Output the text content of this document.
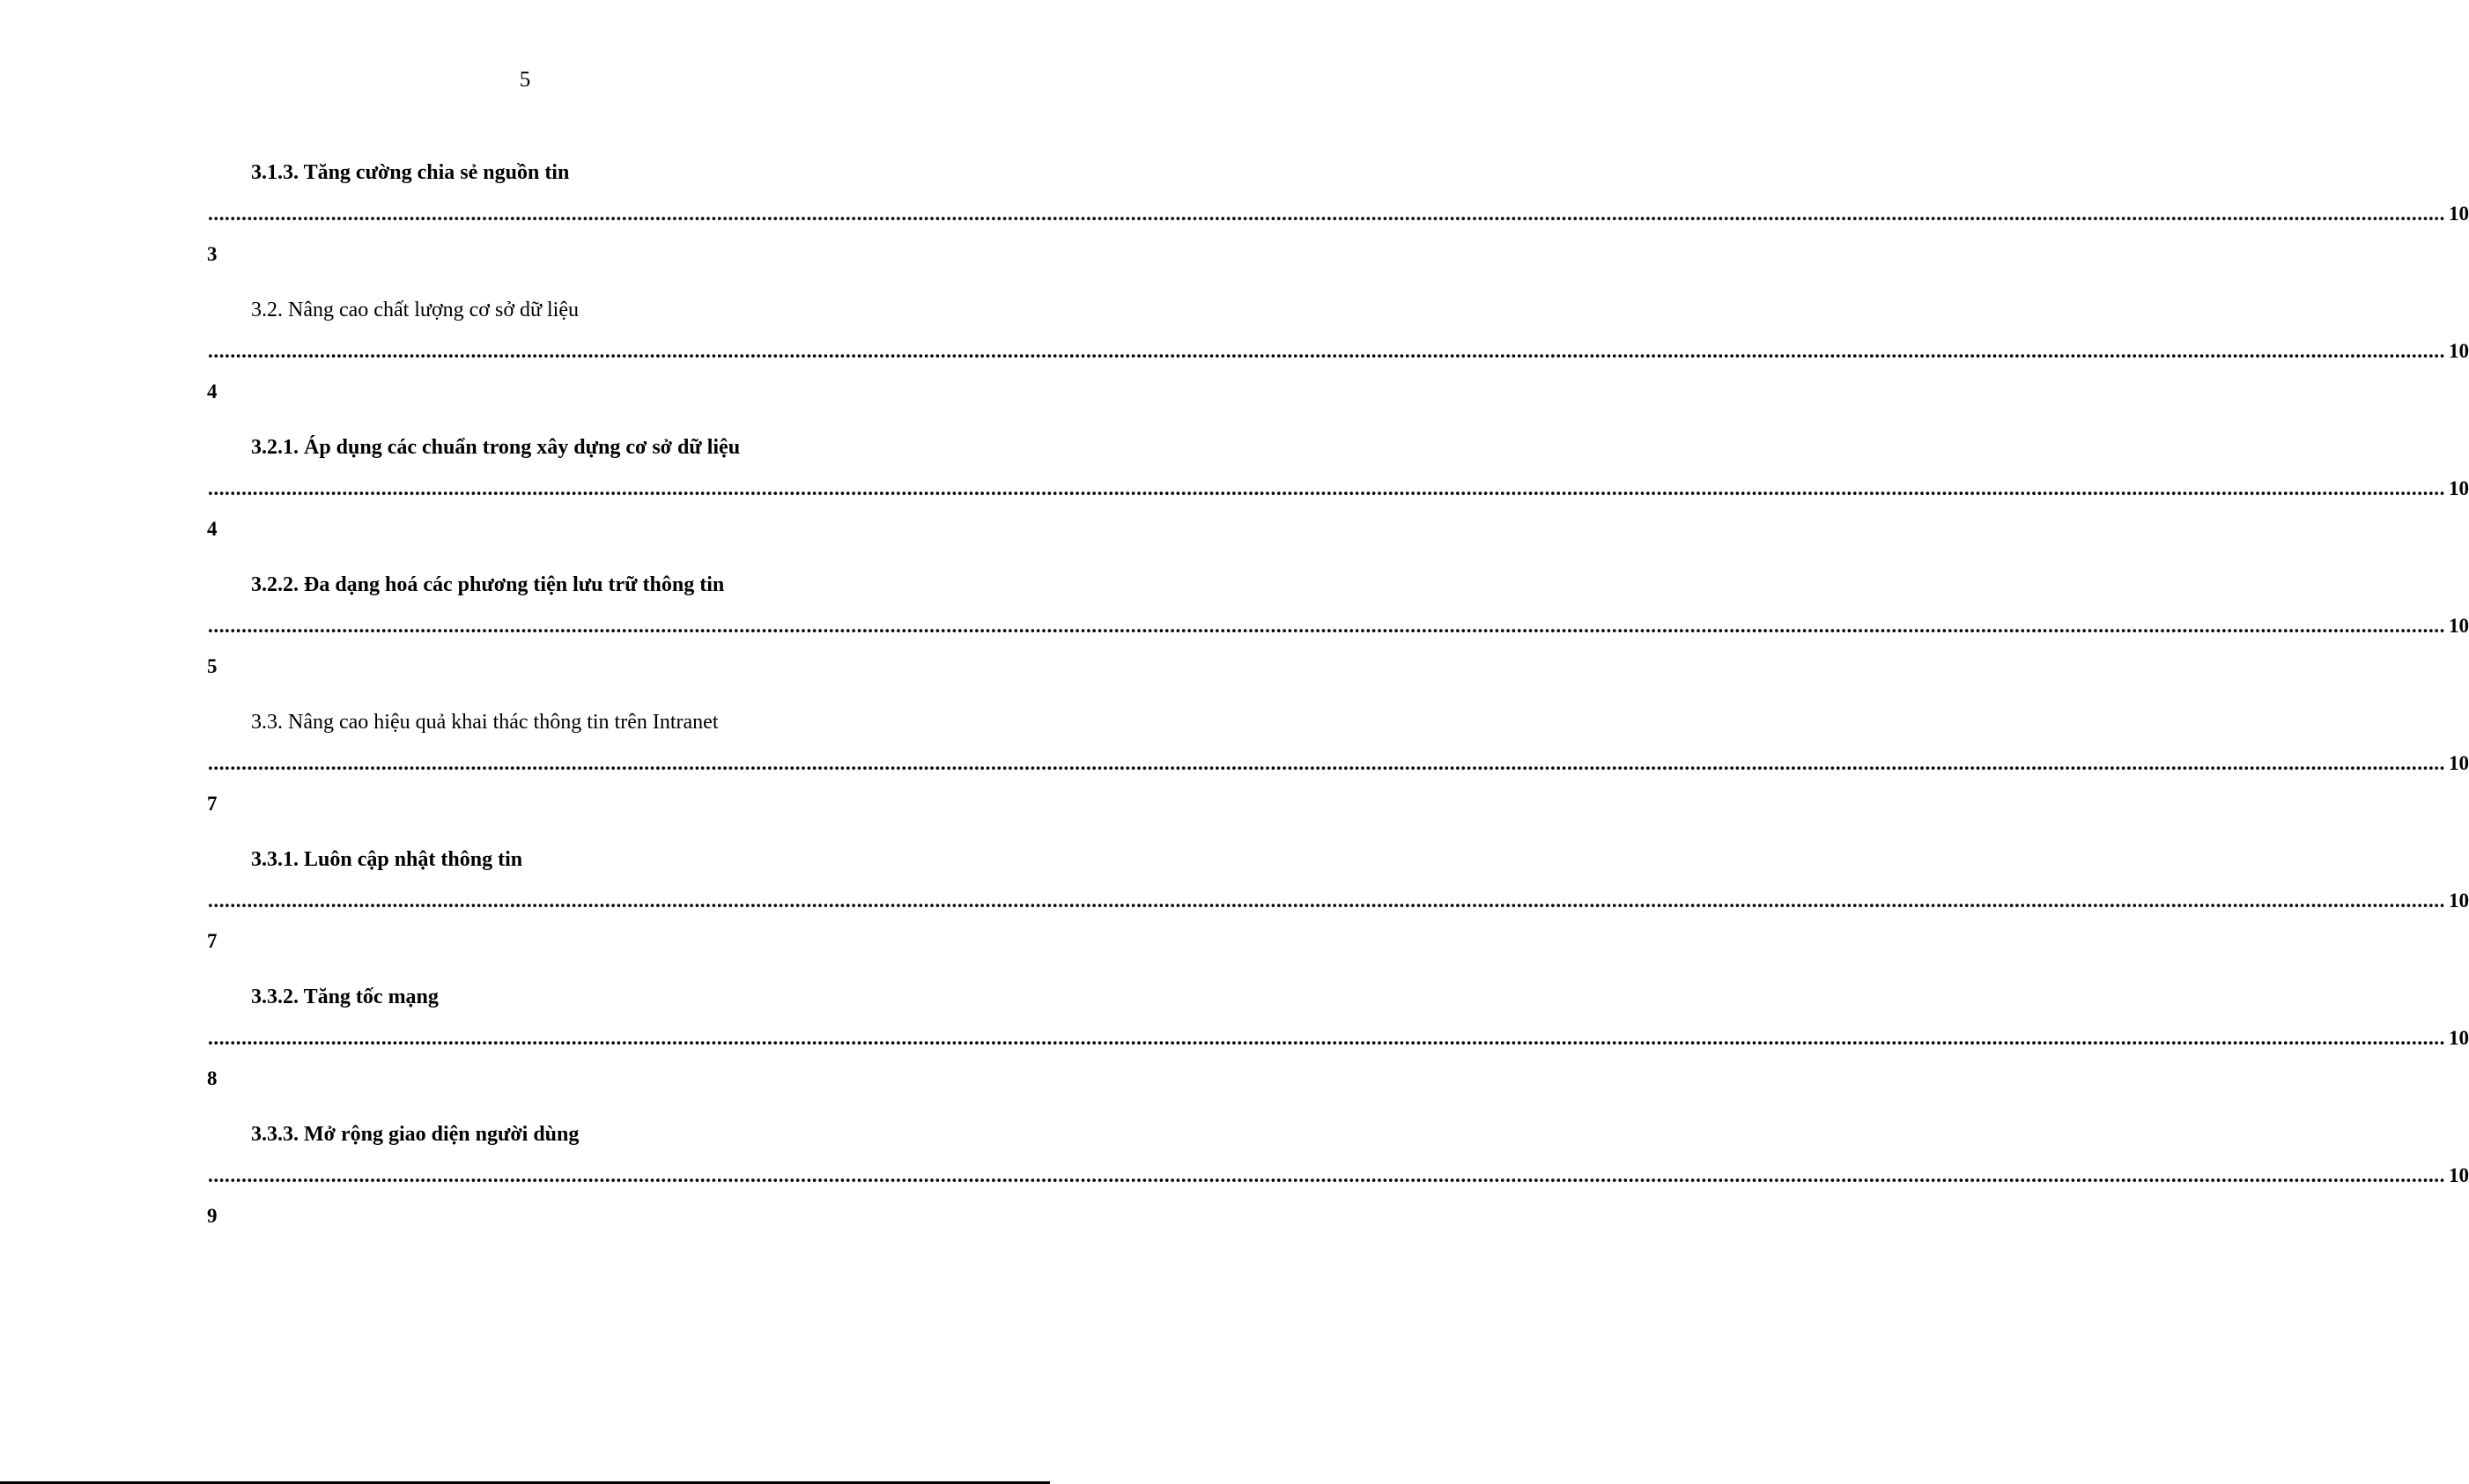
5
3.1.3. Tăng cường chia sẻ nguồn tin
................................................................................................................................................................................................................................................................................................................................................................................................................ 10
3
3.2. Nâng cao chất lượng cơ sở dữ liệu
................................................................................................................................................................................................................................................................................................................................................................................................................ 10
4
3.2.1. Áp dụng các chuẩn trong xây dựng cơ sở dữ liệu
................................................................................................................................................................................................................................................................................................................................................................................................................ 10
4
3.2.2. Đa dạng hoá các phương tiện lưu trữ thông tin
................................................................................................................................................................................................................................................................................................................................................................................................................ 10
5
3.3. Nâng cao hiệu quả khai thác thông tin trên Intranet
................................................................................................................................................................................................................................................................................................................................................................................................................ 10
7
3.3.1. Luôn cập nhật thông tin
................................................................................................................................................................................................................................................................................................................................................................................................................ 10
7
3.3.2. Tăng tốc mạng
................................................................................................................................................................................................................................................................................................................................................................................................................ 10
8
3.3.3. Mở rộng giao diện người dùng
................................................................................................................................................................................................................................................................................................................................................................................................................ 10
9
